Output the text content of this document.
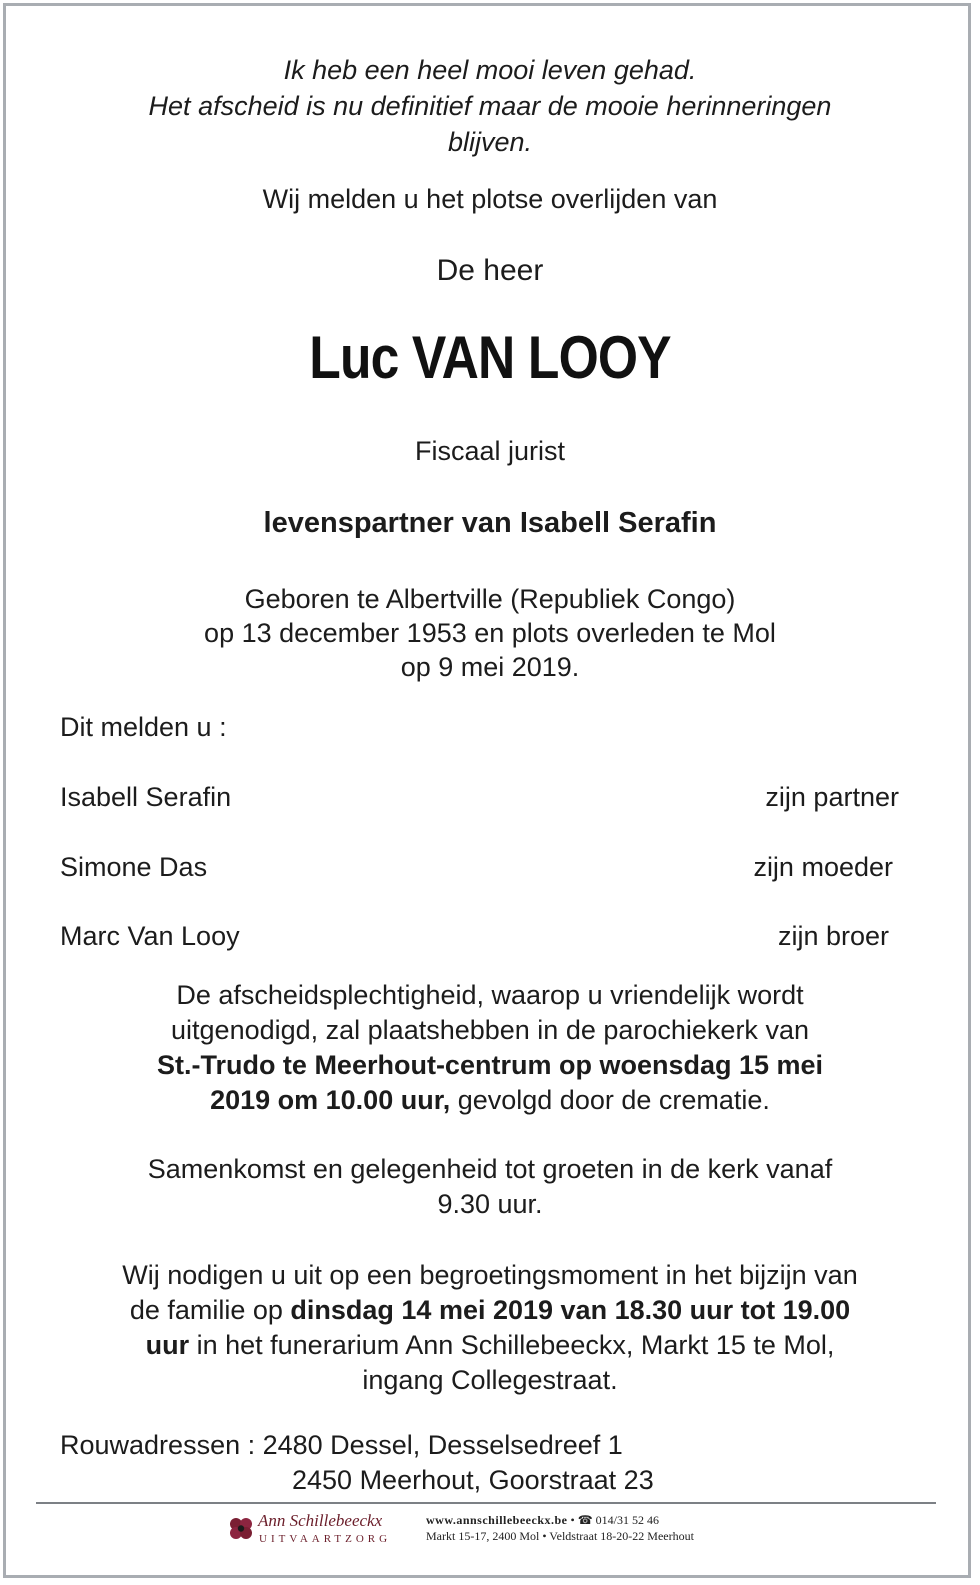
Ik heb een heel mooi leven gehad.
Het afscheid is nu definitief maar de mooie herinneringen
blijven.
Wij melden u het plotse overlijden van
De heer
Luc VAN LOOY
Fiscaal jurist
levenspartner van Isabell Serafin
Geboren te Albertville (Republiek Congo)
op 13 december 1953 en plots overleden te Mol
op 9 mei 2019.
Dit melden u :
Isabell Serafin	zijn partner
Simone Das	zijn moeder
Marc Van Looy	zijn broer
De afscheidsplechtigheid, waarop u vriendelijk wordt
uitgenodigd, zal plaatshebben in de parochiekerk van
St.-Trudo te Meerhout-centrum op woensdag 15 mei
2019 om 10.00 uur, gevolgd door de crematie.
Samenkomst en gelegenheid tot groeten in de kerk vanaf
9.30 uur.
Wij nodigen u uit op een begroetingsmoment in het bijzijn van
de familie op dinsdag 14 mei 2019 van 18.30 uur tot 19.00
uur in het funerarium Ann Schillebeeckx, Markt 15 te Mol,
ingang Collegestraat.
Rouwadressen : 2480 Dessel, Desselsedreef 1
2450 Meerhout, Goorstraat 23
Ann Schillebeeckx
UITVAARTZORG
www.annschillebeeckx.be • ☎ 014/31 52 46
Markt 15-17, 2400 Mol • Veldstraat 18-20-22 Meerhout
